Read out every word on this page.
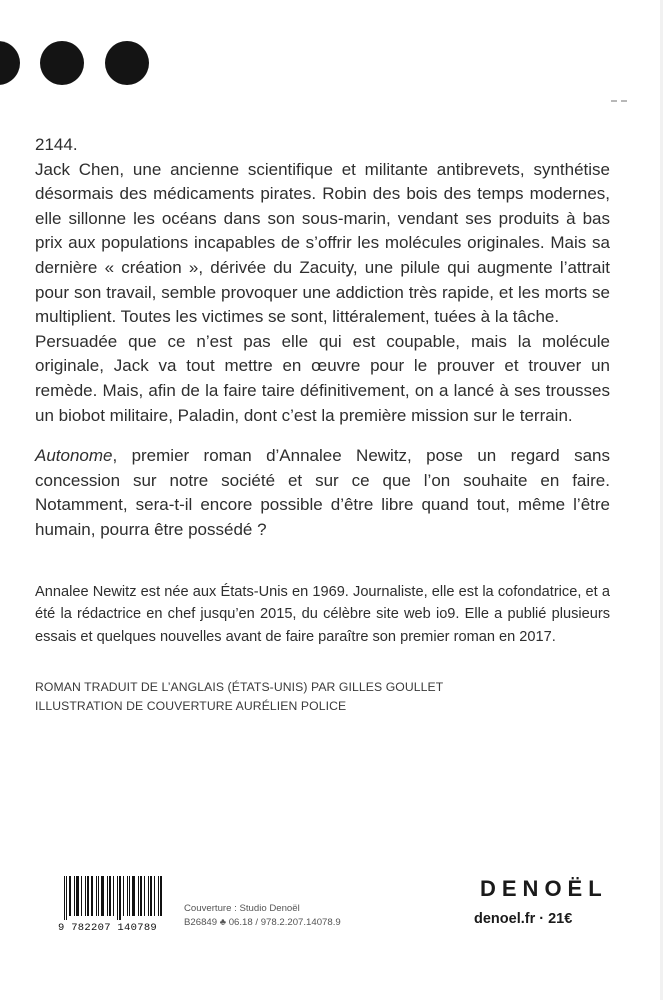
2144.

Jack Chen, une ancienne scientifique et militante antibrevets, synthétise désormais des médicaments pirates. Robin des bois des temps modernes, elle sillonne les océans dans son sous-marin, vendant ses produits à bas prix aux populations incapables de s’offrir les molécules originales. Mais sa dernière « création », dérivée du Zacuity, une pilule qui augmente l’attrait pour son travail, semble provoquer une addiction très rapide, et les morts se multiplient. Toutes les victimes se sont, littéralement, tuées à la tâche.

Persuadée que ce n’est pas elle qui est coupable, mais la molécule originale, Jack va tout mettre en œuvre pour le prouver et trouver un remède. Mais, afin de la faire taire définitivement, on a lancé à ses trousses un biobot militaire, Paladin, dont c’est la première mission sur le terrain.

Autonome, premier roman d’Annalee Newitz, pose un regard sans concession sur notre société et sur ce que l’on souhaite en faire. Notamment, sera-t-il encore possible d’être libre quand tout, même l’être humain, pourra être possédé ?

Annalee Newitz est née aux États-Unis en 1969. Journaliste, elle est la cofondatrice, et a été la rédactrice en chef jusqu’en 2015, du célèbre site web io9. Elle a publié plusieurs essais et quelques nouvelles avant de faire paraître son premier roman en 2017.

ROMAN TRADUIT DE L’ANGLAIS (ÉTATS-UNIS) PAR GILLES GOULLET
ILLUSTRATION DE COUVERTURE AURÉLIEN POLICE
9 782207 140789
Couverture : Studio Denoël
B26849 ♣ 06.18 / 978.2.207.14078.9
DENOËL
denoel.fr · 21€
